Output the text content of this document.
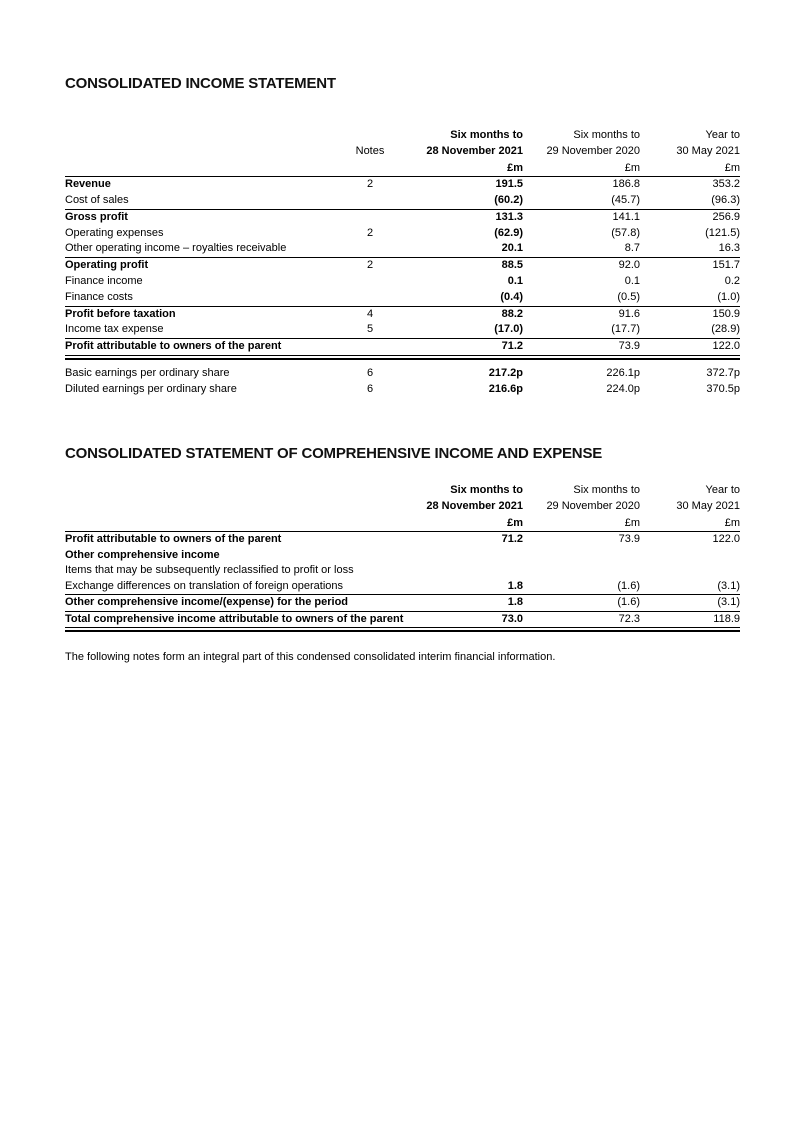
CONSOLIDATED INCOME STATEMENT
		Six months to	Six months to	Year to
	Notes	28 November 2021	29 November 2020	30 May 2021
		£m	£m	£m
Revenue	2	191.5	186.8	353.2
Cost of sales		(60.2)	(45.7)	(96.3)
Gross profit		131.3	141.1	256.9
Operating expenses	2	(62.9)	(57.8)	(121.5)
Other operating income – royalties receivable		20.1	8.7	16.3
Operating profit	2	88.5	92.0	151.7
Finance income		0.1	0.1	0.2
Finance costs		(0.4)	(0.5)	(1.0)
Profit before taxation	4	88.2	91.6	150.9
Income tax expense	5	(17.0)	(17.7)	(28.9)
Profit attributable to owners of the parent		71.2	73.9	122.0

Basic earnings per ordinary share	6	217.2p	226.1p	372.7p
Diluted earnings per ordinary share	6	216.6p	224.0p	370.5p
CONSOLIDATED STATEMENT OF COMPREHENSIVE INCOME AND EXPENSE
	Six months to	Six months to	Year to
	28 November 2021	29 November 2020	30 May 2021
	£m	£m	£m
Profit attributable to owners of the parent	71.2	73.9	122.0
Other comprehensive income			
Items that may be subsequently reclassified to profit or loss			
Exchange differences on translation of foreign operations	1.8	(1.6)	(3.1)
Other comprehensive income/(expense) for the period	1.8	(1.6)	(3.1)
Total comprehensive income attributable to owners of the parent	73.0	72.3	118.9

The following notes form an integral part of this condensed consolidated interim financial information.
